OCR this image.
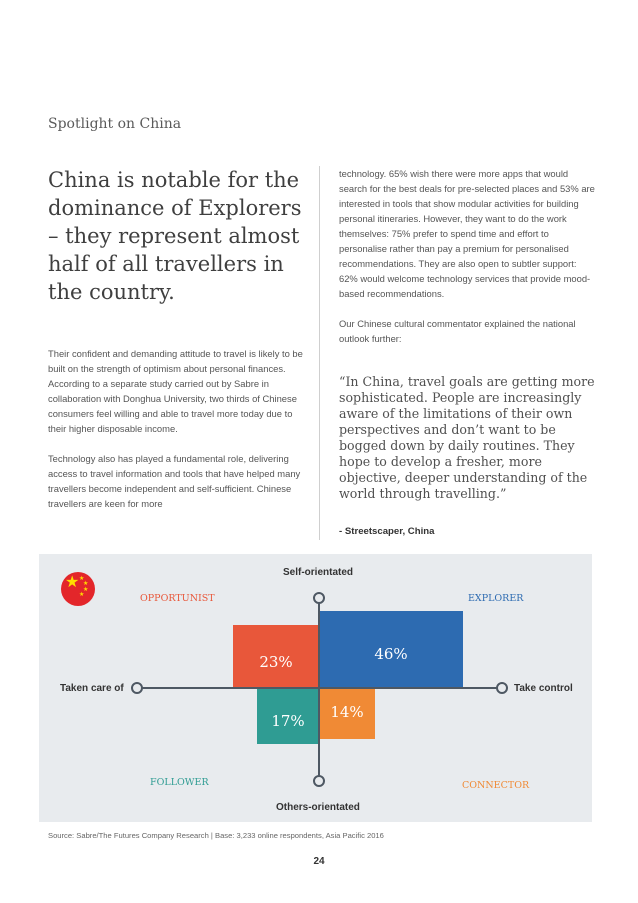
Spotlight on China
China is notable for the dominance of Explorers – they represent almost half of all travellers in the country.

Their confident and demanding attitude to travel is likely to be built on the strength of optimism about personal finances. According to a separate study carried out by Sabre in collaboration with Donghua University, two thirds of Chinese consumers feel willing and able to travel more today due to their higher disposable income.

Technology also has played a fundamental role, delivering access to travel information and tools that have helped many travellers become independent and self-sufficient. Chinese travellers are keen for more

technology. 65% wish there were more apps that would search for the best deals for pre-selected places and 53% are interested in tools that show modular activities for building personal itineraries. However, they want to do the work themselves: 75% prefer to spend time and effort to personalise rather than pay a premium for personalised recommendations. They are also open to subtler support: 62% would welcome technology services that provide mood-based recommendations.

Our Chinese cultural commentator explained the national outlook further:

“In China, travel goals are getting more sophisticated. People are increasingly aware of the limitations of their own perspectives and don’t want to be bogged down by daily routines. They hope to develop a fresher, more objective, deeper understanding of the world through travelling.”

- Streetscaper, China
★ ★
★
★
★
23%	46%
17% 14%
Self-orientated
Others-orientated
Taken care of	Take control
OPPORTUNIST	EXPLORER
FOLLOWER	CONNECTOR
Source: Sabre/The Futures Company Research | Base: 3,233 online respondents, Asia Pacific 2016
24
